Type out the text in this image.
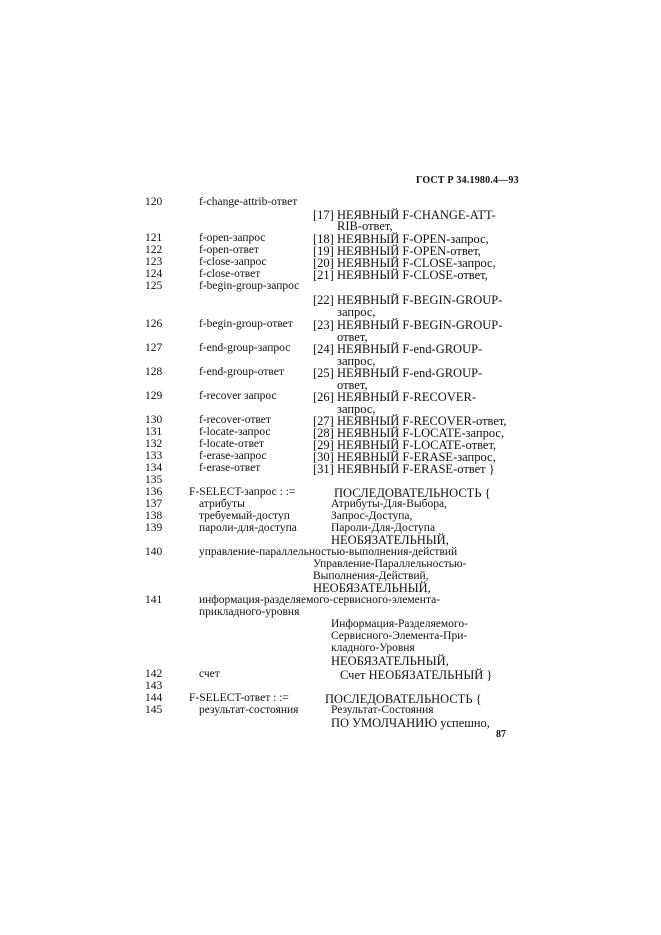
ГОСТ Р 34.1980.4—93
120
121
122
123
124
125
126
127
128
129
130
131
132
133
134
135
136
137
138
139
140
141
142
143
144
145
f-change-attrib-ответ
f-open-запрос
f-open-ответ
f-close-запрос
f-close-ответ
f-begin-group-запрос
f-begin-group-ответ
f-end-group-запрос
f-end-group-ответ
f-recover запрос
f-recover-ответ
f-locate-запрос
f-locate-ответ
f-erase-запрос
f-erase-ответ
F-SELECT-запрос : :=
атрибуты
требуемый-доступ
пароли-для-доступа
управление-параллельностью-выполнения-действий
информация-разделяемого-сервисного-элемента-
прикладного-уровня
счет
F-SELECT-ответ : :=
результат-состояния
[17] НЕЯВНЫЙ F-CHANGE-ATT-
RIB-ответ,
[18] НЕЯВНЫЙ F-OPEN-запрос,
[19] НЕЯВНЫЙ F-OPEN-ответ,
[20] НЕЯВНЫЙ F-CLOSE-запрос,
[21] НЕЯВНЫЙ F-CLOSE-ответ,
[22] НЕЯВНЫЙ F-BEGIN-GROUP-
запрос,
[23] НЕЯВНЫЙ F-BEGIN-GROUP-
ответ,
[24] НЕЯВНЫЙ F-end-GROUP-
запрос,
[25] НЕЯВНЫЙ F-end-GROUP-
ответ,
[26] НЕЯВНЫЙ F-RECOVER-
запрос,
[27] НЕЯВНЫЙ F-RECOVER-ответ,
[28] НЕЯВНЫЙ F-LOCATE-запрос,
[29] НЕЯВНЫЙ F-LOCATE-ответ,
[30] НЕЯВНЫЙ F-ERASE-запрос,
[31] НЕЯВНЫЙ F-ERASE-ответ }
ПОСЛЕДОВАТЕЛЬНОСТЬ {
Атрибуты-Для-Выбора,
Запрос-Доступа,
Пароли-Для-Доступа
НЕОБЯЗАТЕЛЬНЫЙ,
Управление-Параллельностью-
Выполнения-Действий,
НЕОБЯЗАТЕЛЬНЫЙ,
Информация-Разделяемого-
Сервисного-Элемента-При-
кладного-Уровня
НЕОБЯЗАТЕЛЬНЫЙ,
Счет НЕОБЯЗАТЕЛЬНЫЙ }
ПОСЛЕДОВАТЕЛЬНОСТЬ {
Результат-Состояния
ПО УМОЛЧАНИЮ успешно,
87
